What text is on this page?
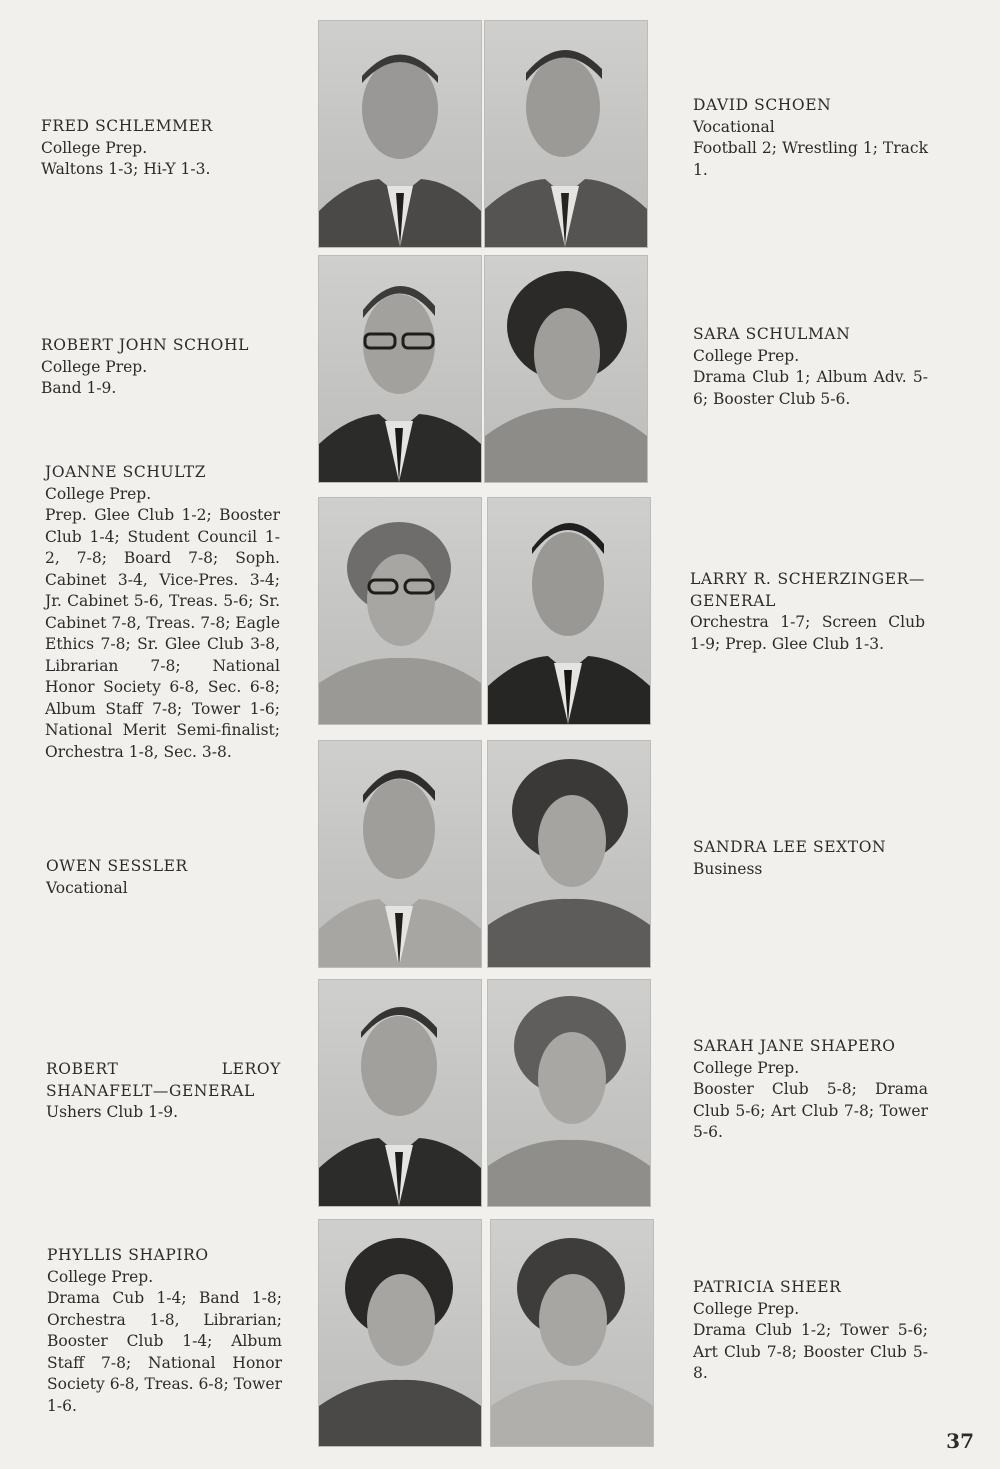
FRED SCHLEMMER
College Prep.
Waltons 1-3; Hi-Y 1-3.
DAVID SCHOEN
Vocational
Football 2; Wrestling 1; Track 1.
ROBERT JOHN SCHOHL
College Prep.
Band 1-9.
SARA SCHULMAN
College Prep.
Drama Club 1; Album Adv. 5-6; Booster Club 5-6.
JOANNE SCHULTZ
College Prep.
Prep. Glee Club 1-2; Booster Club 1-4; Student Council 1-2, 7-8; Board 7-8; Soph. Cabinet 3-4, Vice-Pres. 3-4; Jr. Cabinet 5-6, Treas. 5-6; Sr. Cabinet 7-8, Treas. 7-8; Eagle Ethics 7-8; Sr. Glee Club 3-8, Librarian 7-8; National Honor Society 6-8, Sec. 6-8; Album Staff 7-8; Tower 1-6; National Merit Semi-finalist; Orchestra 1-8, Sec. 3-8.
LARRY R. SCHERZINGER—GENERAL
Orchestra 1-7; Screen Club 1-9; Prep. Glee Club 1-3.
OWEN SESSLER
Vocational
SANDRA LEE SEXTON
Business
ROBERT LEROY SHANAFELT—GENERAL
Ushers Club 1-9.
SARAH JANE SHAPERO
College Prep.
Booster Club 5-8; Drama Club 5-6; Art Club 7-8; Tower 5-6.
PHYLLIS SHAPIRO
College Prep.
Drama Cub 1-4; Band 1-8; Orchestra 1-8, Librarian; Booster Club 1-4; Album Staff 7-8; National Honor Society 6-8, Treas. 6-8; Tower 1-6.
PATRICIA SHEER
College Prep.
Drama Club 1-2; Tower 5-6; Art Club 7-8; Booster Club 5-8.
37
